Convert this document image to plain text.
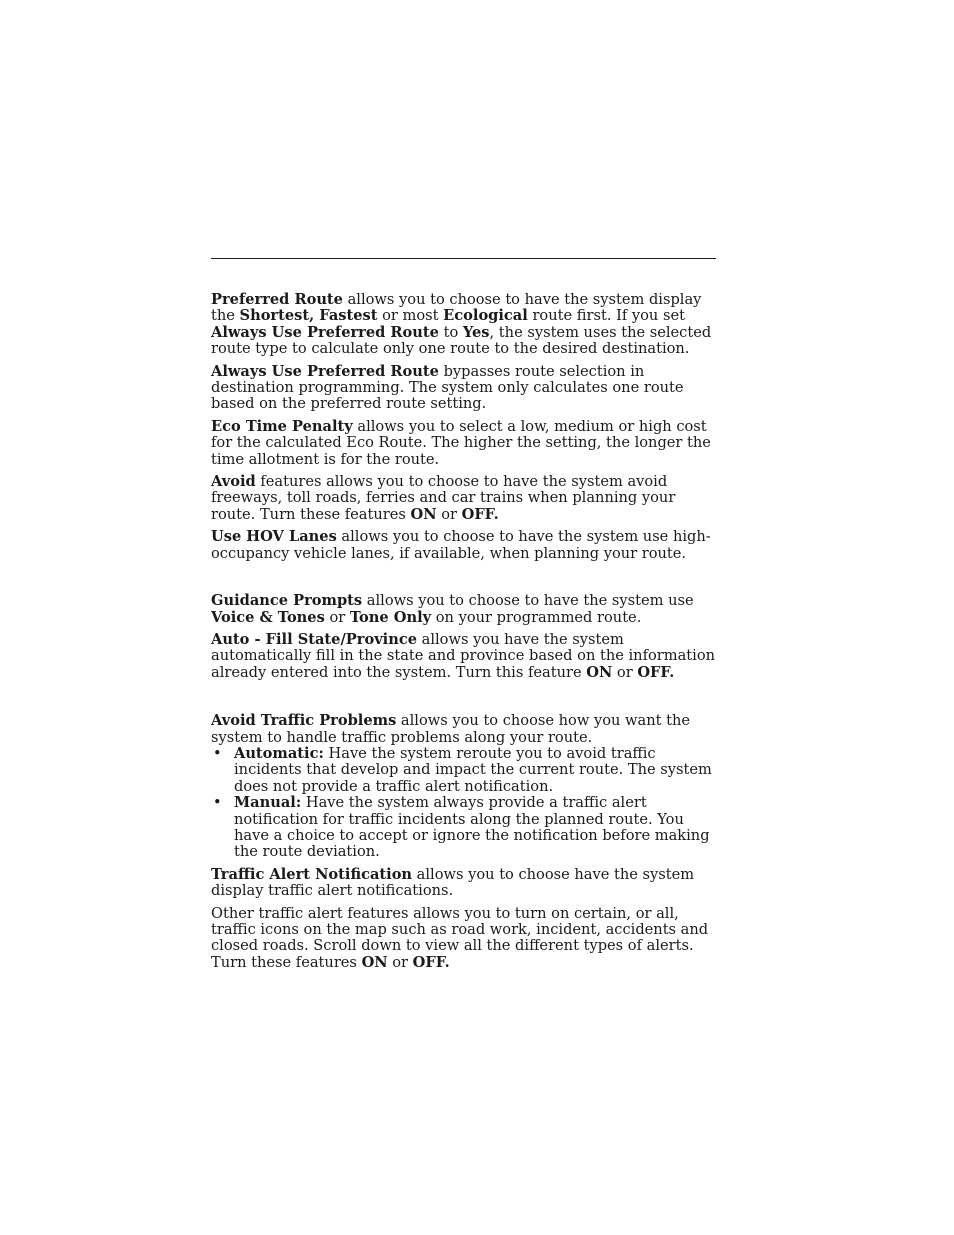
Preferred Route allows you to choose to have the system display the Shortest, Fastest or most Ecological route first. If you set Always Use Preferred Route to Yes, the system uses the selected route type to calculate only one route to the desired destination.

Always Use Preferred Route bypasses route selection in destination programming. The system only calculates one route based on the preferred route setting.

Eco Time Penalty allows you to select a low, medium or high cost for the calculated Eco Route. The higher the setting, the longer the time allotment is for the route.

Avoid features allows you to choose to have the system avoid freeways, toll roads, ferries and car trains when planning your route. Turn these features ON or OFF.

Use HOV Lanes allows you to choose to have the system use high-occupancy vehicle lanes, if available, when planning your route.

Guidance Prompts allows you to choose to have the system use Voice & Tones or Tone Only on your programmed route.

Auto - Fill State/Province allows you have the system automatically fill in the state and province based on the information already entered into the system. Turn this feature ON or OFF.

Avoid Traffic Problems allows you to choose how you want the system to handle traffic problems along your route.

• Automatic: Have the system reroute you to avoid traffic incidents that develop and impact the current route. The system does not provide a traffic alert notification.
• Manual: Have the system always provide a traffic alert notification for traffic incidents along the planned route. You have a choice to accept or ignore the notification before making the route deviation.

Traffic Alert Notification allows you to choose have the system display traffic alert notifications.

Other traffic alert features allows you to turn on certain, or all, traffic icons on the map such as road work, incident, accidents and closed roads. Scroll down to view all the different types of alerts. Turn these features ON or OFF.
